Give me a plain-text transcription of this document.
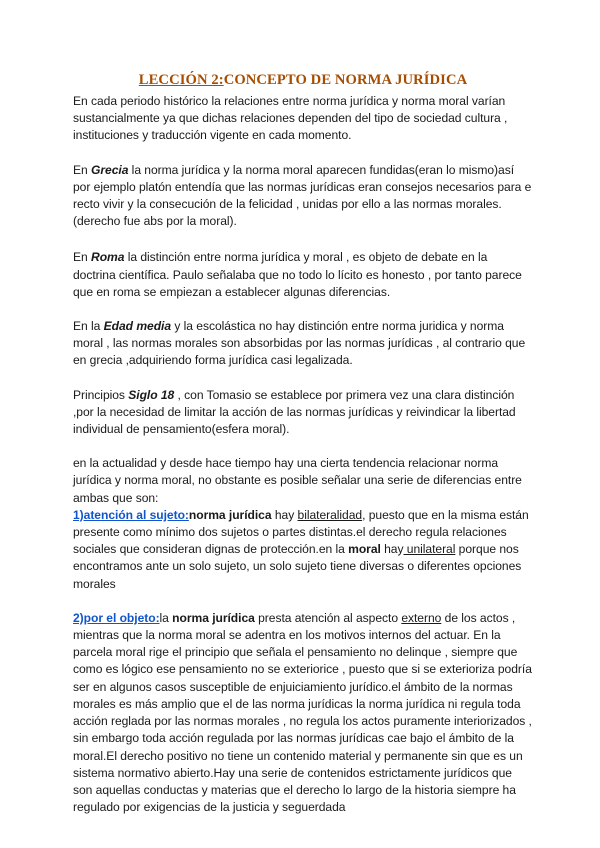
LECCIÓN 2:CONCEPTO DE NORMA JURÍDICA

En cada periodo histórico la relaciones entre norma jurídica y norma moral varían sustancialmente ya que dichas relaciones dependen del tipo de sociedad cultura , instituciones y traducción vigente en cada momento.

En Grecia la norma jurídica y la norma moral aparecen fundidas(eran lo mismo)así por ejemplo platón entendía que las normas jurídicas eran consejos necesarios para e recto vivir y la consecución de la felicidad , unidas por ello a las normas morales.(derecho fue abs por la moral).

En Roma la distinción entre norma jurídica y moral , es objeto de debate en la doctrina científica. Paulo señalaba que no todo lo lícito es honesto , por tanto parece que en roma se empiezan a establecer algunas diferencias.

En la Edad media y la escolástica no hay distinción entre norma juridica y norma moral , las normas morales son absorbidas por las normas jurídicas , al contrario que en grecia ,adquiriendo forma jurídica casi legalizada.

Principios Siglo 18 , con Tomasio se establece por primera vez una clara distinción ,por la necesidad de limitar la acción de las normas jurídicas y reivindicar la libertad individual de pensamiento(esfera moral).

en la actualidad y desde hace tiempo hay una cierta tendencia relacionar norma jurídica y norma moral, no obstante es posible señalar una serie de diferencias entre ambas que son:
1)atención al sujeto:norma jurídica hay bilateralidad, puesto que en la misma están presente como mínimo dos sujetos o partes distintas.el derecho regula relaciones sociales que consideran dignas de protección.en la moral hay unilateral porque nos encontramos ante un solo sujeto, un solo sujeto tiene diversas o diferentes opciones morales

2)por el objeto:la norma jurídica presta atención al aspecto externo de los actos , mientras que la norma moral se adentra en los motivos internos del actuar. En la parcela moral rige el principio que señala el pensamiento no delinque , siempre que como es lógico ese pensamiento no se exteriorice , puesto que si se exterioriza podría ser en algunos casos susceptible de enjuiciamiento jurídico.el ámbito de la normas morales es más amplio que el de las norma jurídicas la norma jurídica ni regula toda acción reglada por las normas morales , no regula los actos puramente interiorizados , sin embargo toda acción regulada por las normas jurídicas cae bajo el ámbito de la moral.El derecho positivo no tiene un contenido material y permanente sin que es un sistema normativo abierto.Hay una serie de contenidos estrictamente jurídicos que son aquellas conductas y materias que el derecho lo largo de la historia siempre ha regulado por exigencias de la justicia y seguerdada
